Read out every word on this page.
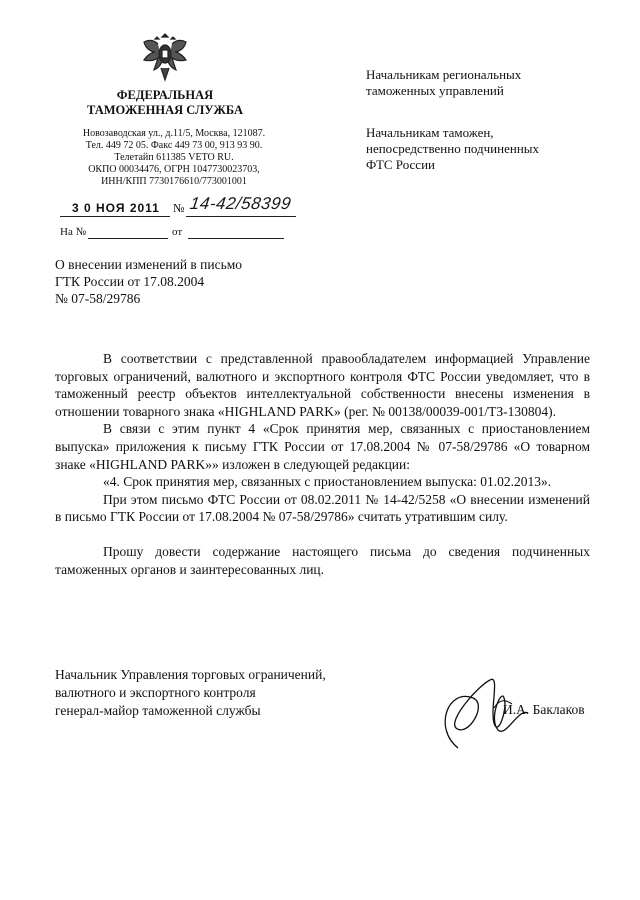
ФЕДЕРАЛЬНАЯ
ТАМОЖЕННАЯ СЛУЖБА
Новозаводская ул., д.11/5, Москва, 121087.
Тел. 449 72 05. Факс 449 73 00, 913 93 90.
Телетайп 611385 VETO RU.
ОКПО 00034476, ОГРН 1047730023703,
ИНН/КПП 7730176610/773001001
3 0 НОЯ 2011 № 14-42/58399
На №	от
Начальникам региональных
таможенных управлений
Начальникам таможен,
непосредственно подчиненных
ФТС России
О внесении изменений в письмо
ГТК России от 17.08.2004
№ 07-58/29786

В соответствии с представленной правообладателем информацией Управление торговых ограничений, валютного и экспортного контроля ФТС России уведомляет, что в таможенный реестр объектов интеллектуальной собственности внесены изменения в отношении товарного знака «HIGHLAND PARK» (рег. № 00138/00039-001/ТЗ-130804).

В связи с этим пункт 4 «Срок принятия мер, связанных с приостановлением выпуска» приложения к письму ГТК России от 17.08.2004 № 07-58/29786 «О товарном знаке «HIGHLAND PARK»» изложен в следующей редакции:

«4. Срок принятия мер, связанных с приостановлением выпуска: 01.02.2013».

При этом письмо ФТС России от 08.02.2011 № 14-42/5258 «О внесении изменений в письмо ГТК России от 17.08.2004 № 07-58/29786» считать утратившим силу.

Прошу довести содержание настоящего письма до сведения подчиненных таможенных органов и заинтересованных лиц.

Начальник Управления торговых ограничений,
валютного и экспортного контроля
генерал-майор таможенной службы	И.А. Баклаков
